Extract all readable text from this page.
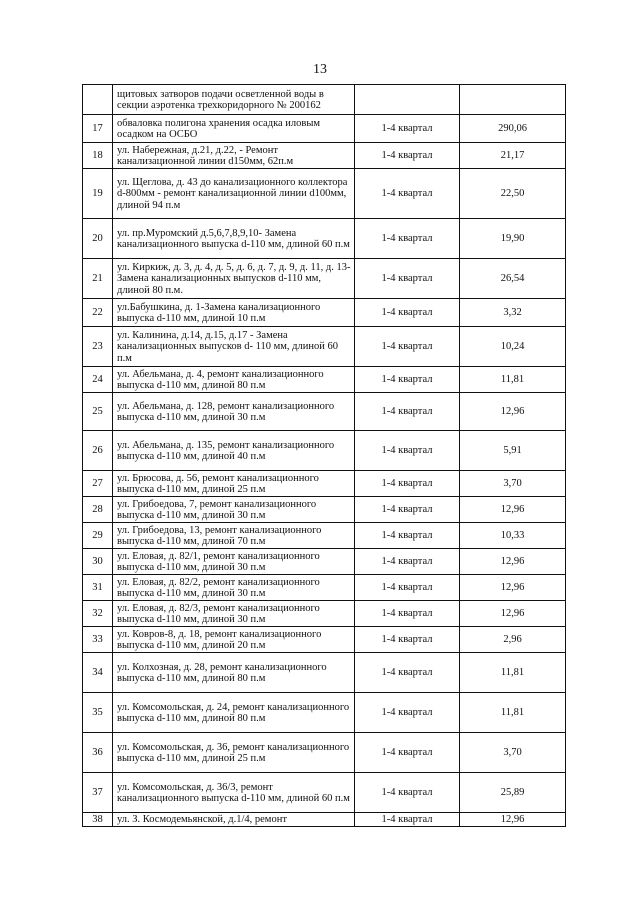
13
	щитовых затворов подачи осветленной воды в секции аэротенка трехкоридорного № 200162		
17	обваловка полигона хранения осадка иловым осадком на ОСБО	1-4 квартал	290,06
18	ул. Набережная, д.21, д.22, - Ремонт канализационной линии d150мм, 62п.м	1-4 квартал	21,17
19	ул. Щеглова, д. 43 до канализационного коллектора d-800мм - ремонт канализационной линии d100мм, длиной 94 п.м	1-4 квартал	22,50
20	ул. пр.Муромский д.5,6,7,8,9,10- Замена канализационного выпуска d-110 мм, длиной 60 п.м	1-4 квартал	19,90
21	ул. Киркиж, д. 3, д. 4, д. 5, д. 6, д. 7, д. 9, д. 11, д. 13- Замена канализационных выпусков d-110 мм, длиной 80 п.м.	1-4 квартал	26,54
22	ул.Бабушкина, д. 1-Замена канализационного выпуска d-110 мм, длиной 10 п.м	1-4 квартал	3,32
23	ул. Калинина, д.14, д.15, д.17 - Замена канализационных выпусков d- 110 мм, длиной 60 п.м	1-4 квартал	10,24
24	ул. Абельмана, д. 4, ремонт канализационного выпуска d-110 мм, длиной 80 п.м	1-4 квартал	11,81
25	ул. Абельмана, д. 128, ремонт канализационного выпуска d-110 мм, длиной 30 п.м	1-4 квартал	12,96
26	ул. Абельмана, д. 135, ремонт канализационного выпуска d-110 мм, длиной 40 п.м	1-4 квартал	5,91
27	ул. Брюсова, д. 56, ремонт канализационного выпуска d-110 мм, длиной 25 п.м	1-4 квартал	3,70
28	ул. Грибоедова, 7, ремонт канализационного выпуска d-110 мм, длиной 30 п.м	1-4 квартал	12,96
29	ул. Грибоедова, 13, ремонт канализационного выпуска d-110 мм, длиной 70 п.м	1-4 квартал	10,33
30	ул. Еловая, д. 82/1, ремонт канализационного выпуска d-110 мм, длиной 30 п.м	1-4 квартал	12,96
31	ул. Еловая, д. 82/2, ремонт канализационного выпуска d-110 мм, длиной 30 п.м	1-4 квартал	12,96
32	ул. Еловая, д. 82/3, ремонт канализационного выпуска d-110 мм, длиной 30 п.м	1-4 квартал	12,96
33	ул. Ковров-8, д. 18, ремонт канализационного выпуска d-110 мм, длиной 20 п.м	1-4 квартал	2,96
34	ул. Колхозная, д. 28, ремонт канализационного выпуска d-110 мм, длиной 80 п.м	1-4 квартал	11,81
35	ул. Комсомольская, д. 24, ремонт канализационного выпуска d-110 мм, длиной 80 п.м	1-4 квартал	11,81
36	ул. Комсомольская, д. 36, ремонт канализационного выпуска d-110 мм, длиной 25 п.м	1-4 квартал	3,70
37	ул. Комсомольская, д. 36/3, ремонт канализационного выпуска d-110 мм, длиной 60 п.м	1-4 квартал	25,89
38	ул. З. Космодемьянской, д.1/4, ремонт	1-4 квартал	12,96
